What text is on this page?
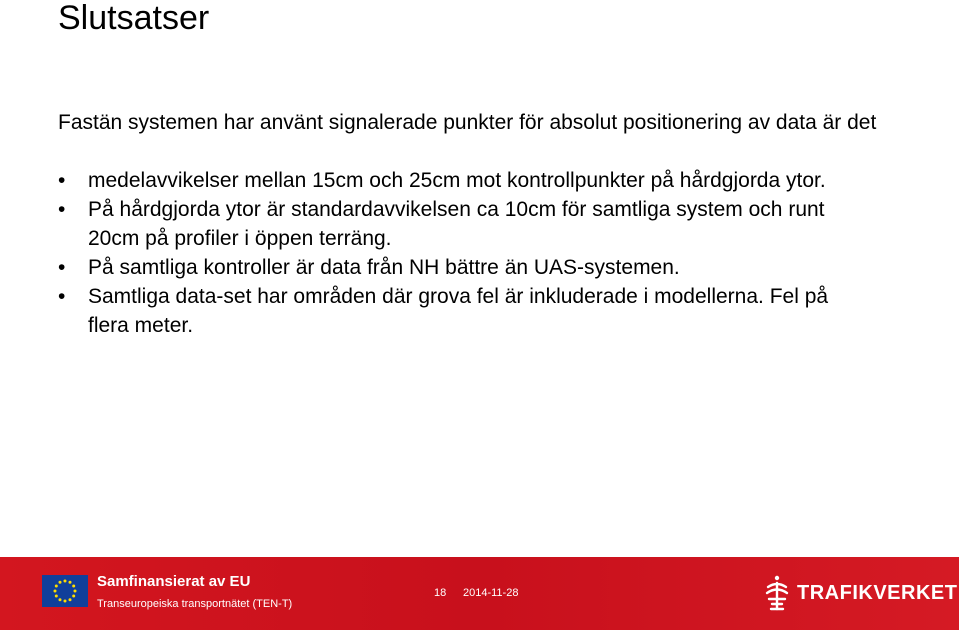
Slutsatser
Fastän systemen har använt signalerade punkter för absolut positionering av data är det
•	medelavvikelser mellan 15cm och 25cm mot kontrollpunkter på hårdgjorda ytor.
•	På hårdgjorda ytor är standardavvikelsen ca 10cm för samtliga system och runt 20cm på profiler i öppen terräng.
•	På samtliga kontroller är data från NH bättre än UAS-systemen.
•	Samtliga data-set har områden där grova fel är inkluderade i modellerna. Fel på flera meter.
Samfinansierat av EU
Transeuropeiska transportnätet (TEN-T)
18 2014-11-28	TRAFIKVERKET
